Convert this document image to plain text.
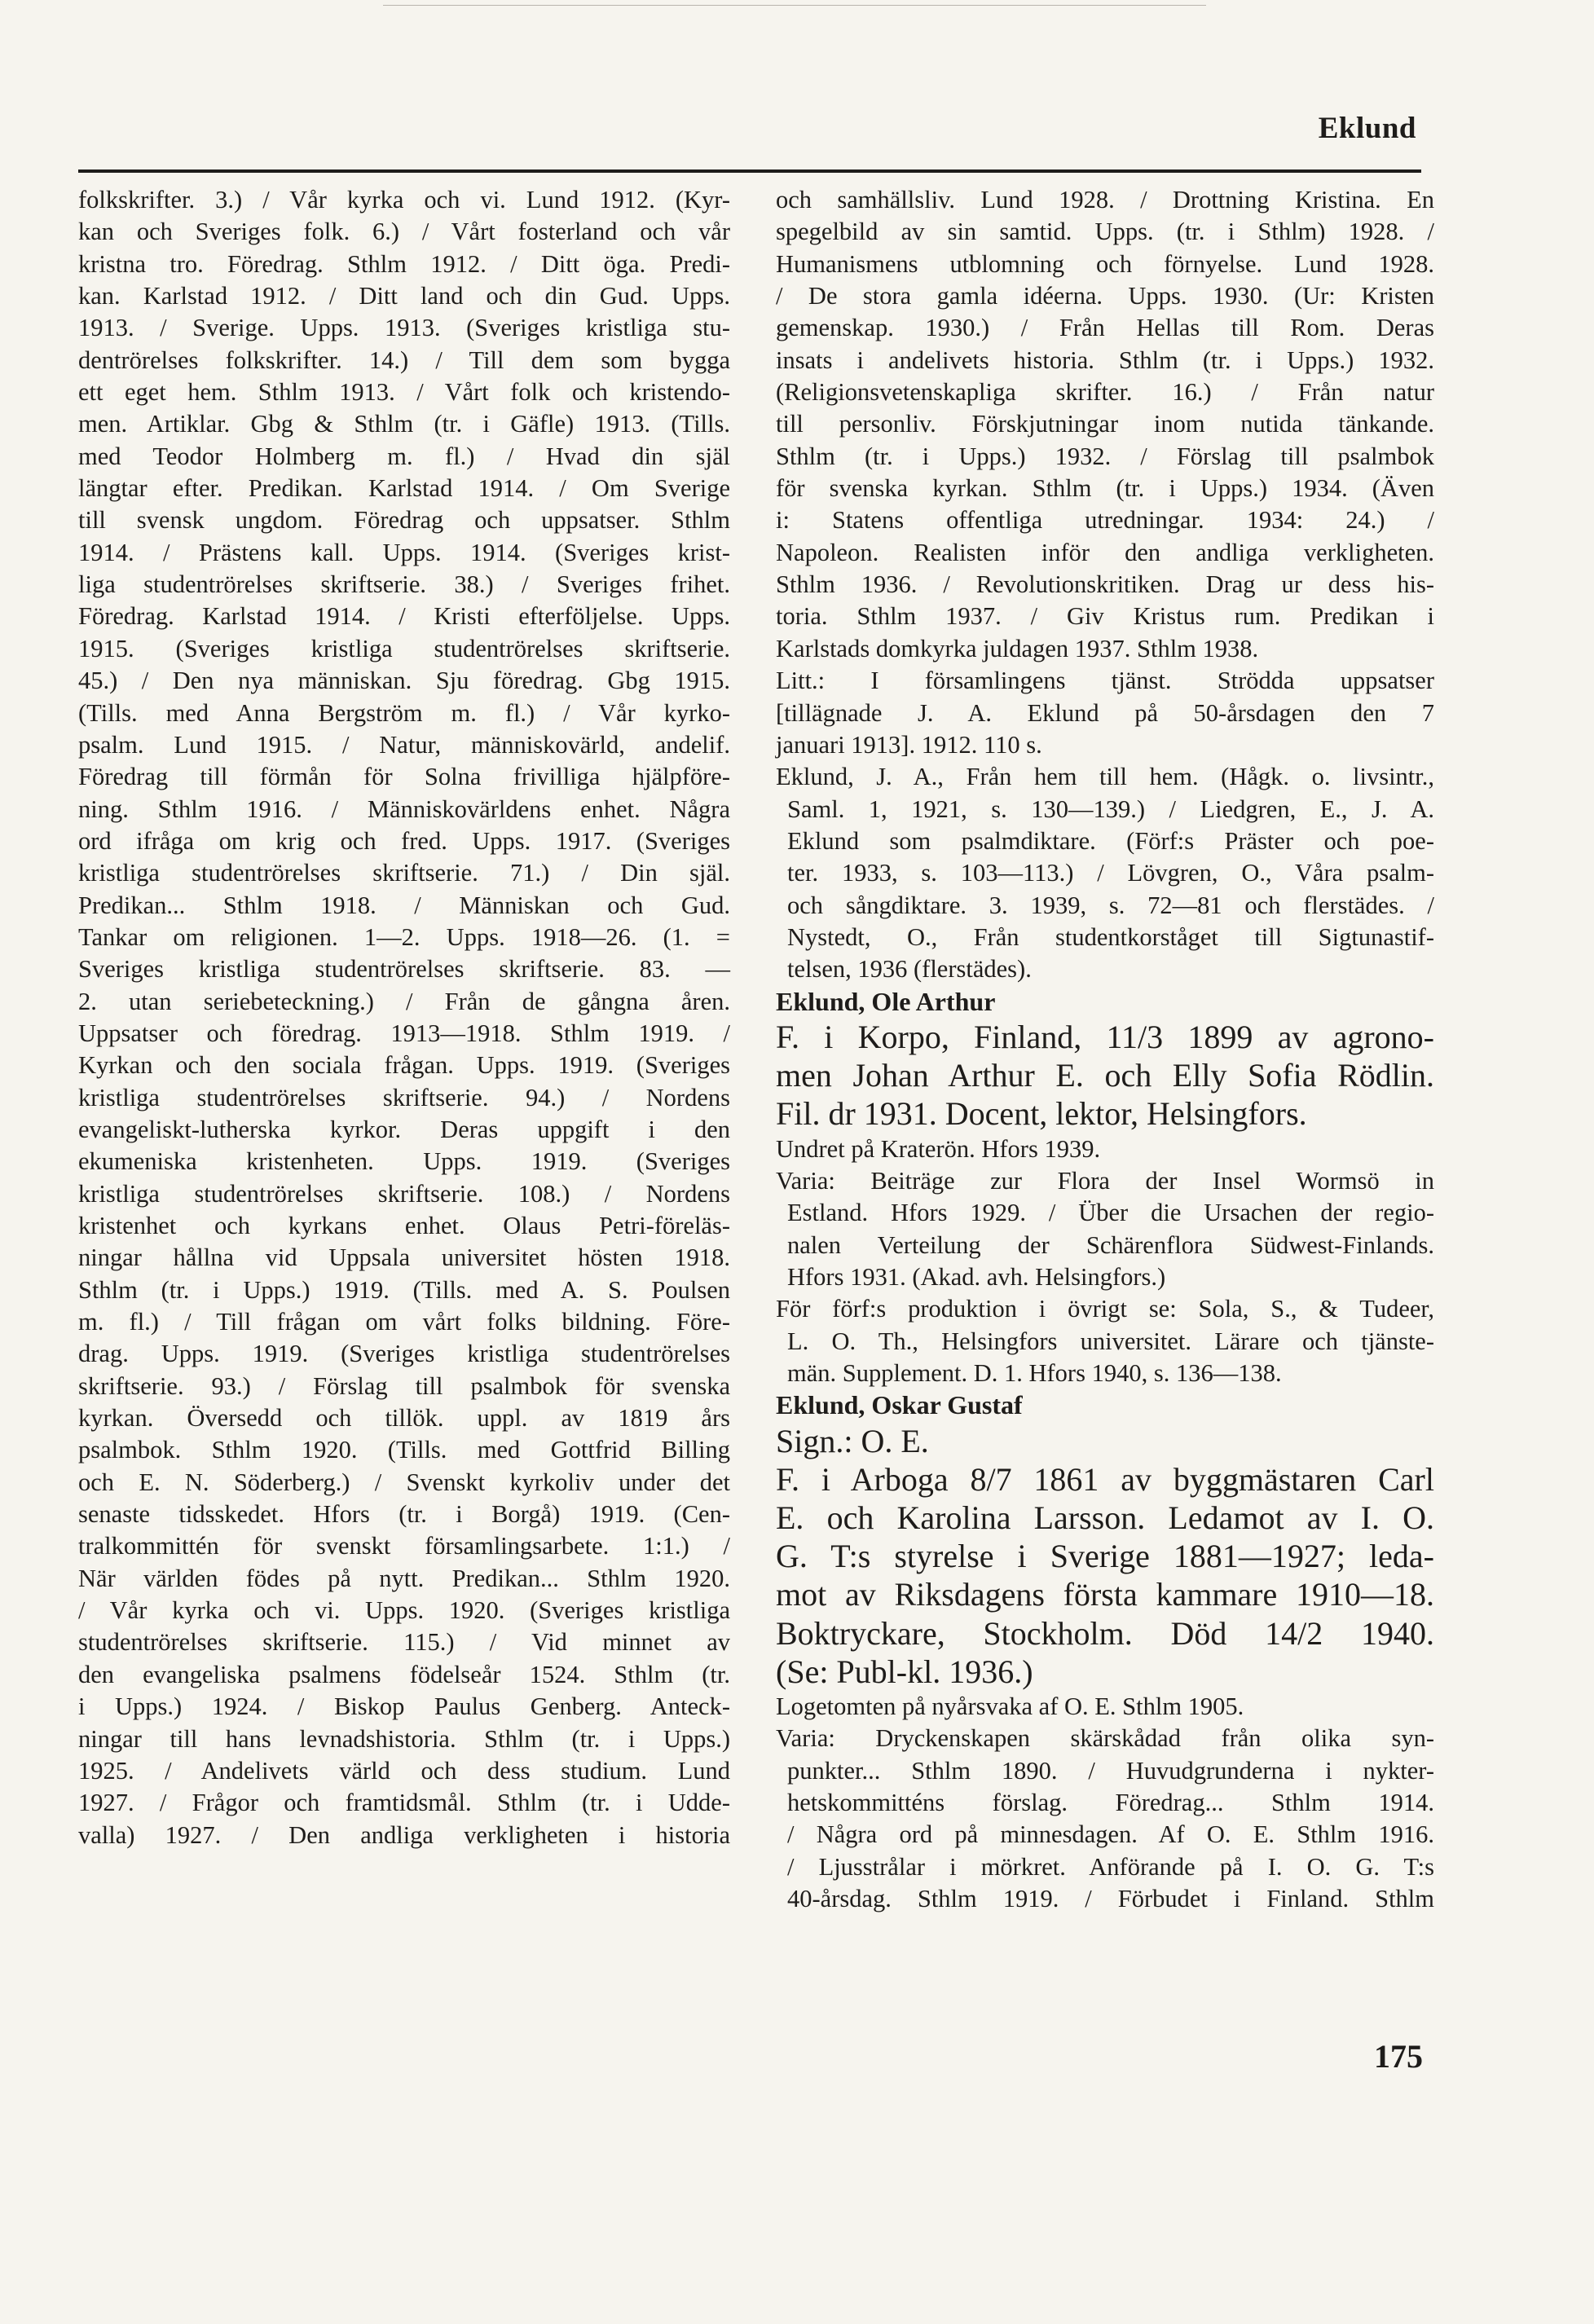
Eklund
folkskrifter. 3.) / Vår kyrka och vi. Lund 1912. (Kyr-
kan och Sveriges folk. 6.) / Vårt fosterland och vår
kristna tro. Föredrag. Sthlm 1912. / Ditt öga. Predi-
kan. Karlstad 1912. / Ditt land och din Gud. Upps.
1913. / Sverige. Upps. 1913. (Sveriges kristliga stu-
dentrörelses folkskrifter. 14.) / Till dem som bygga
ett eget hem. Sthlm 1913. / Vårt folk och kristendo-
men. Artiklar. Gbg & Sthlm (tr. i Gäfle) 1913. (Tills.
med Teodor Holmberg m. fl.) / Hvad din själ
längtar efter. Predikan. Karlstad 1914. / Om Sverige
till svensk ungdom. Föredrag och uppsatser. Sthlm
1914. / Prästens kall. Upps. 1914. (Sveriges krist-
liga studentrörelses skriftserie. 38.) / Sveriges frihet.
Föredrag. Karlstad 1914. / Kristi efterföljelse. Upps.
1915. (Sveriges kristliga studentrörelses skriftserie.
45.) / Den nya människan. Sju föredrag. Gbg 1915.
(Tills. med Anna Bergström m. fl.) / Vår kyrko-
psalm. Lund 1915. / Natur, människovärld, andelif.
Föredrag till förmån för Solna frivilliga hjälpföre-
ning. Sthlm 1916. / Människovärldens enhet. Några
ord ifråga om krig och fred. Upps. 1917. (Sveriges
kristliga studentrörelses skriftserie. 71.) / Din själ.
Predikan... Sthlm 1918. / Människan och Gud.
Tankar om religionen. 1—2. Upps. 1918—26. (1. =
Sveriges kristliga studentrörelses skriftserie. 83. —
2. utan seriebeteckning.) / Från de gångna åren.
Uppsatser och föredrag. 1913—1918. Sthlm 1919. /
Kyrkan och den sociala frågan. Upps. 1919. (Sveriges
kristliga studentrörelses skriftserie. 94.) / Nordens
evangeliskt-lutherska kyrkor. Deras uppgift i den
ekumeniska kristenheten. Upps. 1919. (Sveriges
kristliga studentrörelses skriftserie. 108.) / Nordens
kristenhet och kyrkans enhet. Olaus Petri-föreläs-
ningar hållna vid Uppsala universitet hösten 1918.
Sthlm (tr. i Upps.) 1919. (Tills. med A. S. Poulsen
m. fl.) / Till frågan om vårt folks bildning. Före-
drag. Upps. 1919. (Sveriges kristliga studentrörelses
skriftserie. 93.) / Förslag till psalmbok för svenska
kyrkan. Översedd och tillök. uppl. av 1819 års
psalmbok. Sthlm 1920. (Tills. med Gottfrid Billing
och E. N. Söderberg.) / Svenskt kyrkoliv under det
senaste tidsskedet. Hfors (tr. i Borgå) 1919. (Cen-
tralkommittén för svenskt församlingsarbete. 1:1.) /
När världen födes på nytt. Predikan... Sthlm 1920.
/ Vår kyrka och vi. Upps. 1920. (Sveriges kristliga
studentrörelses skriftserie. 115.) / Vid minnet av
den evangeliska psalmens födelseår 1524. Sthlm (tr.
i Upps.) 1924. / Biskop Paulus Genberg. Anteck-
ningar till hans levnadshistoria. Sthlm (tr. i Upps.)
1925. / Andelivets värld och dess studium. Lund
1927. / Frågor och framtidsmål. Sthlm (tr. i Udde-
valla) 1927. / Den andliga verkligheten i historia
och samhällsliv. Lund 1928. / Drottning Kristina. En
spegelbild av sin samtid. Upps. (tr. i Sthlm) 1928. /
Humanismens utblomning och förnyelse. Lund 1928.
/ De stora gamla idéerna. Upps. 1930. (Ur: Kristen
gemenskap. 1930.) / Från Hellas till Rom. Deras
insats i andelivets historia. Sthlm (tr. i Upps.) 1932.
(Religionsvetenskapliga skrifter. 16.) / Från natur
till personliv. Förskjutningar inom nutida tänkande.
Sthlm (tr. i Upps.) 1932. / Förslag till psalmbok
för svenska kyrkan. Sthlm (tr. i Upps.) 1934. (Även
i: Statens offentliga utredningar. 1934: 24.) /
Napoleon. Realisten inför den andliga verkligheten.
Sthlm 1936. / Revolutionskritiken. Drag ur dess his-
toria. Sthlm 1937. / Giv Kristus rum. Predikan i
Karlstads domkyrka juldagen 1937. Sthlm 1938.
Litt.: I församlingens tjänst. Strödda uppsatser
[tillägnade J. A. Eklund på 50-årsdagen den 7
januari 1913]. 1912. 110 s.
Eklund, J. A., Från hem till hem. (Hågk. o. livsintr.,
Saml. 1, 1921, s. 130—139.) / Liedgren, E., J. A.
Eklund som psalmdiktare. (Förf:s Präster och poe-
ter. 1933, s. 103—113.) / Lövgren, O., Våra psalm-
och sångdiktare. 3. 1939, s. 72—81 och flerstädes. /
Nystedt, O., Från studentkorståget till Sigtunastif-
telsen, 1936 (flerstädes).
Eklund, Ole Arthur
F. i Korpo, Finland, 11/3 1899 av agrono-
men Johan Arthur E. och Elly Sofia Rödlin.
Fil. dr 1931. Docent, lektor, Helsingfors.
Undret på Kraterön. Hfors 1939.
Varia: Beiträge zur Flora der Insel Wormsö in
Estland. Hfors 1929. / Über die Ursachen der regio-
nalen Verteilung der Schärenflora Südwest-Finlands.
Hfors 1931. (Akad. avh. Helsingfors.)
För förf:s produktion i övrigt se: Sola, S., & Tudeer,
L. O. Th., Helsingfors universitet. Lärare och tjänste-
män. Supplement. D. 1. Hfors 1940, s. 136—138.
Eklund, Oskar Gustaf
Sign.: O. E.
F. i Arboga 8/7 1861 av byggmästaren Carl
E. och Karolina Larsson. Ledamot av I. O.
G. T:s styrelse i Sverige 1881—1927; leda-
mot av Riksdagens första kammare 1910—18.
Boktryckare, Stockholm. Död 14/2 1940.
(Se: Publ-kl. 1936.)
Logetomten på nyårsvaka af O. E. Sthlm 1905.
Varia: Dryckenskapen skärskådad från olika syn-
punkter... Sthlm 1890. / Huvudgrunderna i nykter-
hetskommitténs förslag. Föredrag... Sthlm 1914.
/ Några ord på minnesdagen. Af O. E. Sthlm 1916.
/ Ljusstrålar i mörkret. Anförande på I. O. G. T:s
40-årsdag. Sthlm 1919. / Förbudet i Finland. Sthlm
175
